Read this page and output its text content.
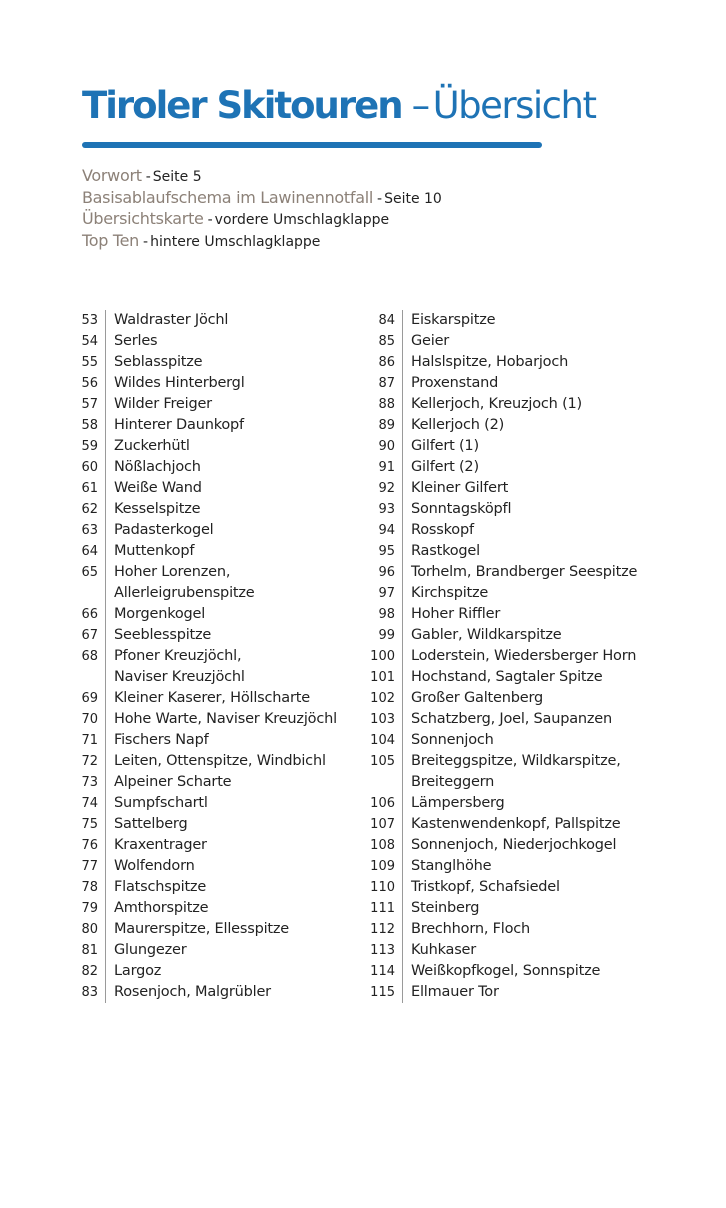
Tiroler Skitouren – Übersicht
Vorwort - Seite 5
Basisablaufschema im Lawinennotfall - Seite 10
Übersichtskarte - vordere Umschlagklappe
Top Ten - hintere Umschlagklappe
53	Waldraster Jöchl
54	Serles
55	Seblasspitze
56	Wildes Hinterbergl
57	Wilder Freiger
58	Hinterer Daunkopf
59	Zuckerhütl
60	Nößlachjoch
61	Weiße Wand
62	Kesselspitze
63	Padasterkogel
64	Muttenkopf
65	Hoher Lorenzen,
Allerleigrubenspitze
66	Morgenkogel
67	Seeblesspitze
68	Pfoner Kreuzjöchl,
Naviser Kreuzjöchl
69	Kleiner Kaserer, Höllscharte
70	Hohe Warte, Naviser Kreuzjöchl
71	Fischers Napf
72	Leiten, Ottenspitze, Windbichl
73	Alpeiner Scharte
74	Sumpfschartl
75	Sattelberg
76	Kraxentrager
77	Wolfendorn
78	Flatschspitze
79	Amthorspitze
80	Maurerspitze, Ellesspitze
81	Glungezer
82	Largoz
83	Rosenjoch, Malgrübler
84	Eiskarspitze
85	Geier
86	Halslspitze, Hobarjoch
87	Proxenstand
88	Kellerjoch, Kreuzjoch (1)
89	Kellerjoch (2)
90	Gilfert (1)
91	Gilfert (2)
92	Kleiner Gilfert
93	Sonntagsköpfl
94	Rosskopf
95	Rastkogel
96	Torhelm, Brandberger Seespitze
97	Kirchspitze
98	Hoher Riffler
99	Gabler, Wildkarspitze
100	Loderstein, Wiedersberger Horn
101	Hochstand, Sagtaler Spitze
102	Großer Galtenberg
103	Schatzberg, Joel, Saupanzen
104	Sonnenjoch
105	Breiteggspitze, Wildkarspitze,
Breiteggern
106	Lämpersberg
107	Kastenwendenkopf, Pallspitze
108	Sonnenjoch, Niederjochkogel
109	Stanglhöhe
110	Tristkopf, Schafsiedel
111	Steinberg
112	Brechhorn, Floch
113	Kuhkaser
114	Weißkopfkogel, Sonnspitze
115	Ellmauer Tor
